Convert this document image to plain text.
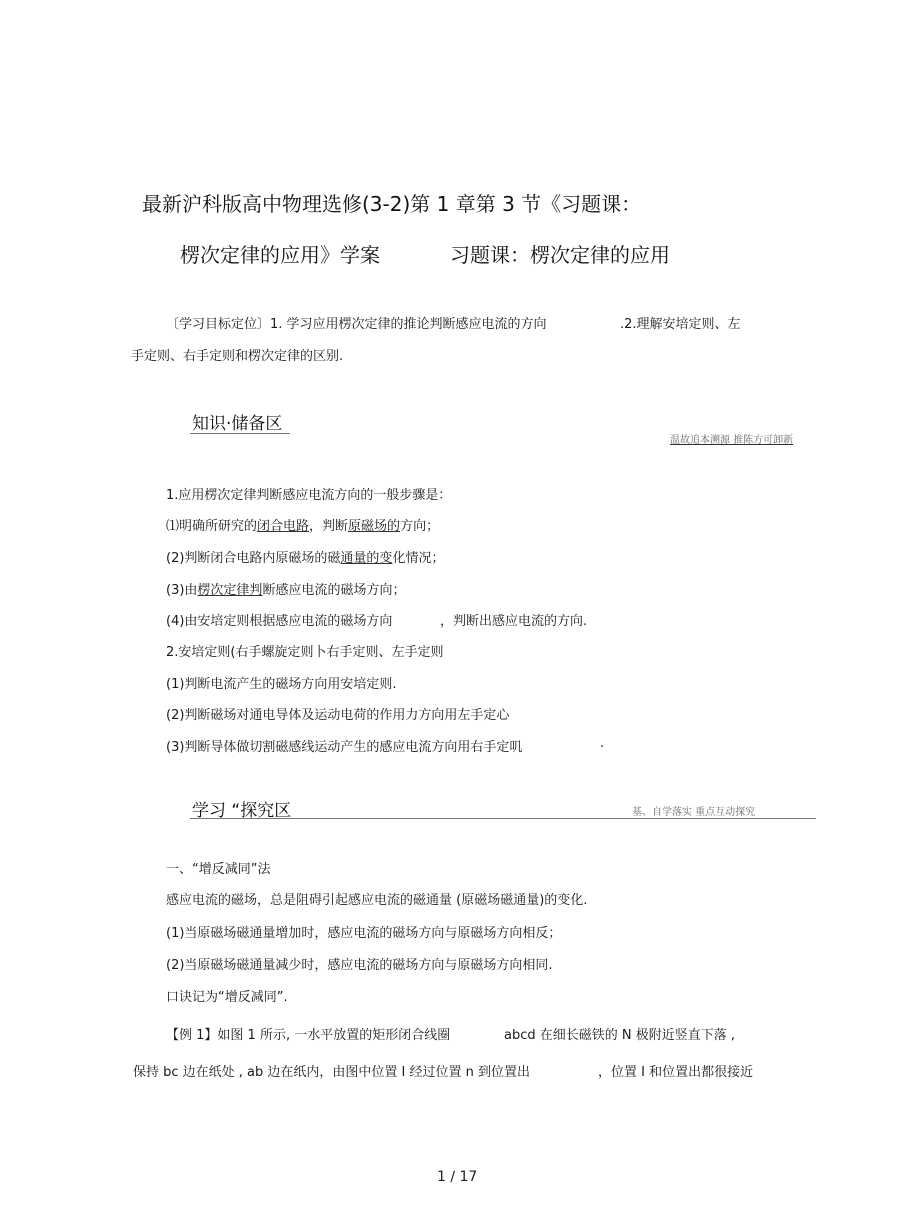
最新沪科版高中物理选修(3-2)第 1 章第 3 节《习题课：
楞次定律的应用》学案	习题课：楞次定律的应用
〔学习目标定位〕1. 学习应用楞次定律的推论判断感应电流的方向	.2.理解安培定则、左
手定则、右手定则和楞次定律的区别.
知识·储备区
温故追本溯源 推陈方可卸新
1.应用楞次定律判断感应电流方向的一般步骤是：
⑴明确所研究的闭合电路，判断原磁场的方向；
(2)判断闭合电路内原磁场的磁通量的变化情况；
(3)由楞次定律判断感应电流的磁场方向；
(4)由安培定则根据感应电流的磁场方向	，判断出感应电流的方向.
2.安培定则(右手螺旋定则卜右手定则、左手定则
(1)判断电流产生的磁场方向用安培定则.
(2)判断磁场对通电导体及运动电荷的作用力方向用左手定心
(3)判断导体做切割磁感线运动产生的感应电流方向用右手定叽	.
学习 “探究区	基、自学落实 重点互动探究
一、“增反减同”法
感应电流的磁场，总是阻碍引起感应电流的磁通量 (原磁场磁通量)的变化.
(1)当原磁场磁通量增加时，感应电流的磁场方向与原磁场方向相反；
(2)当原磁场磁通量减少时，感应电流的磁场方向与原磁场方向相同.
口诀记为“增反减同”.
【例 1】如图 1 所示, 一水平放置的矩形闭合线圈	abcd 在细长磁铁的 N 极附近竖直下落 ,
保持 bc 边在纸处 , ab 边在纸内，由图中位置 I 经过位置 n 到位置出	，位置 I 和位置出都很接近
1 / 17
